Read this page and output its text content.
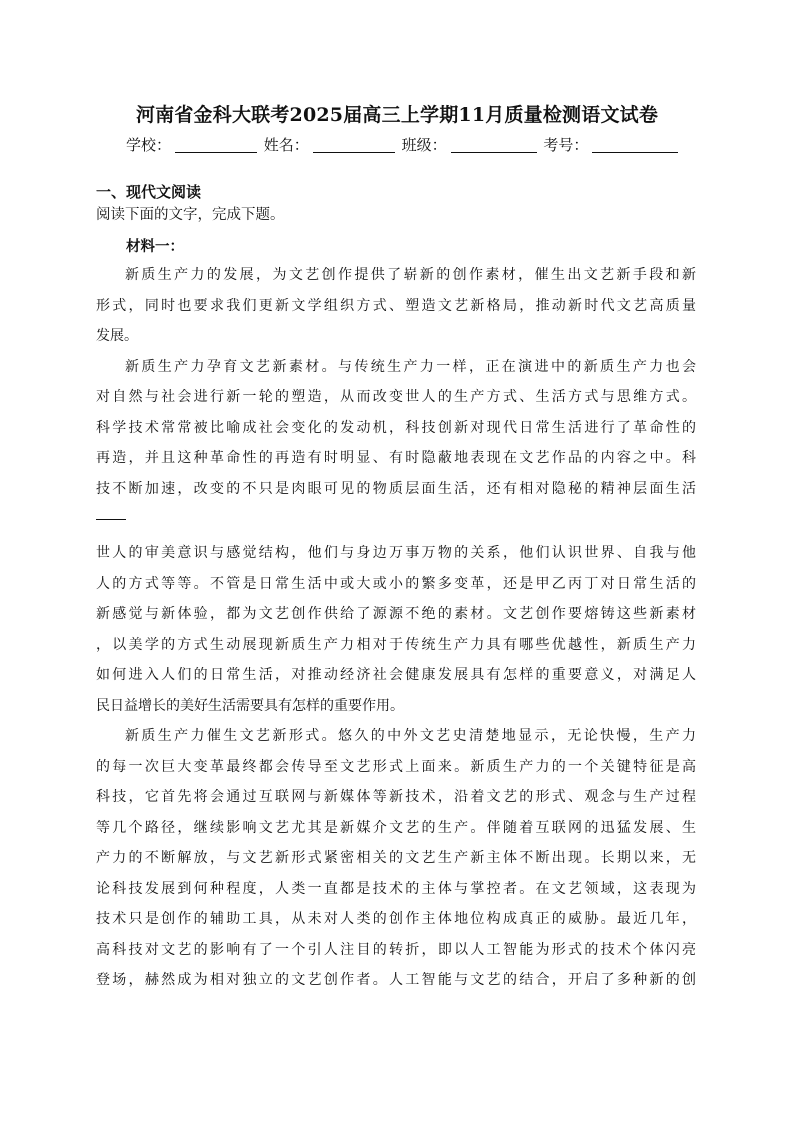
河南省金科大联考2025届高三上学期11月质量检测语文试卷
学校：	姓名：	班级：	考号：
一、现代文阅读
阅读下面的文字，完成下题。
材料一：
新质生产力的发展，为文艺创作提供了崭新的创作素材，催生出文艺新手段和新
形式，同时也要求我们更新文学组织方式、塑造文艺新格局，推动新时代文艺高质量
发展。
新质生产力孕育文艺新素材。与传统生产力一样，正在演进中的新质生产力也会
对自然与社会进行新一轮的塑造，从而改变世人的生产方式、生活方式与思维方式。
科学技术常常被比喻成社会变化的发动机，科技创新对现代日常生活进行了革命性的
再造，并且这种革命性的再造有时明显、有时隐蔽地表现在文艺作品的内容之中。科
技不断加速，改变的不只是肉眼可见的物质层面生活，还有相对隐秘的精神层面生活
世人的审美意识与感觉结构，他们与身边万事万物的关系，他们认识世界、自我与他
人的方式等等。不管是日常生活中或大或小的繁多变革，还是甲乙丙丁对日常生活的
新感觉与新体验，都为文艺创作供给了源源不绝的素材。文艺创作要熔铸这些新素材
，以美学的方式生动展现新质生产力相对于传统生产力具有哪些优越性，新质生产力
如何进入人们的日常生活，对推动经济社会健康发展具有怎样的重要意义，对满足人
民日益增长的美好生活需要具有怎样的重要作用。
新质生产力催生文艺新形式。悠久的中外文艺史清楚地显示，无论快慢，生产力
的每一次巨大变革最终都会传导至文艺形式上面来。新质生产力的一个关键特征是高
科技，它首先将会通过互联网与新媒体等新技术，沿着文艺的形式、观念与生产过程
等几个路径，继续影响文艺尤其是新媒介文艺的生产。伴随着互联网的迅猛发展、生
产力的不断解放，与文艺新形式紧密相关的文艺生产新主体不断出现。长期以来，无
论科技发展到何种程度，人类一直都是技术的主体与掌控者。在文艺领域，这表现为
技术只是创作的辅助工具，从未对人类的创作主体地位构成真正的威胁。最近几年，
高科技对文艺的影响有了一个引人注目的转折，即以人工智能为形式的技术个体闪亮
登场，赫然成为相对独立的文艺创作者。人工智能与文艺的结合，开启了多种新的创
